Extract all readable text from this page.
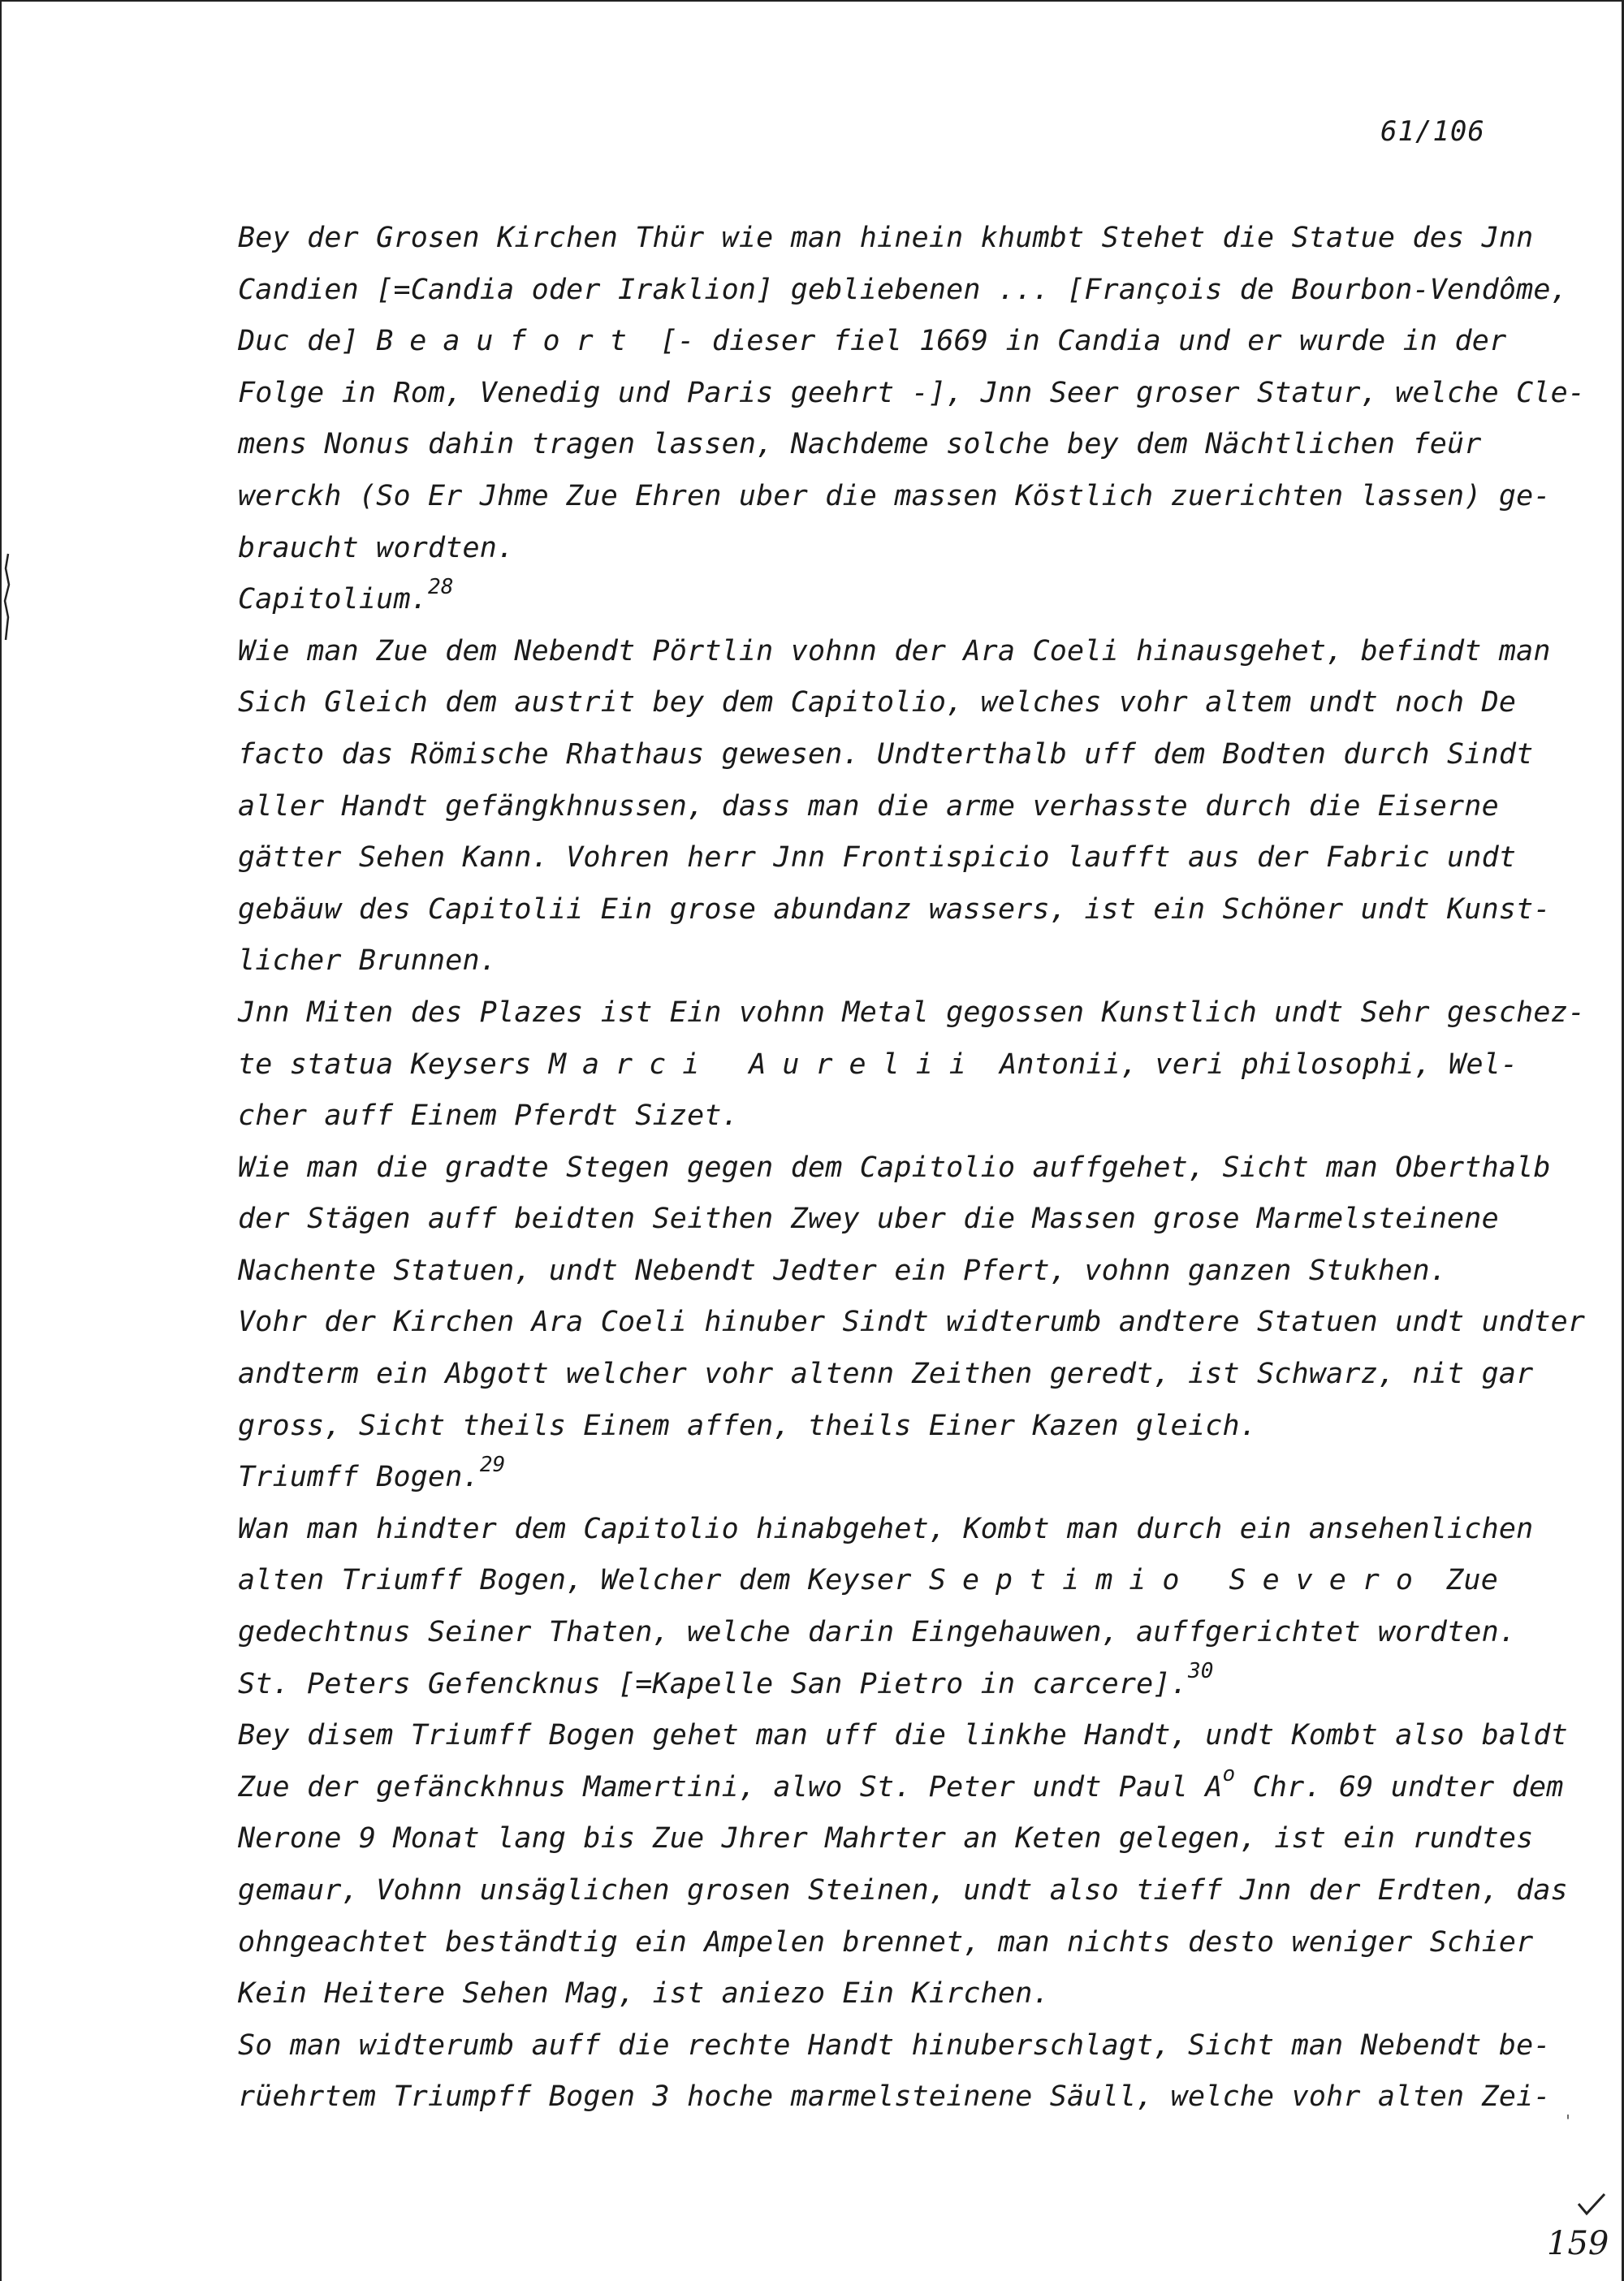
61/106
Bey der Grosen Kirchen Thür wie man hinein khumbt Stehet die Statue des Jnn
Candien [=Candia oder Iraklion] gebliebenen ... [François de Bourbon-Vendôme,
Duc de] Beaufort [- dieser fiel 1669 in Candia und er wurde in der
Folge in Rom, Venedig und Paris geehrt -], Jnn Seer groser Statur, welche Cle-
mens Nonus dahin tragen lassen, Nachdeme solche bey dem Nächtlichen feür
werckh (So Er Jhme Zue Ehren uber die massen Köstlich zuerichten lassen) ge-
braucht wordten.
Capitolium.$^{28}$
Wie man Zue dem Nebendt Pörtlin vohnn der Ara Coeli hinausgehet, befindt man
Sich Gleich dem austrit bey dem Capitolio, welches vohr altem undt noch De
facto das Römische Rhathaus gewesen. Undterthalb uff dem Bodten durch Sindt
aller Handt gefängkhnussen, dass man die arme verhasste durch die Eiserne
gätter Sehen Kann. Vohren herr Jnn Frontispicio laufft aus der Fabric undt
gebäuw des Capitolii Ein grose abundanz wassers, ist ein Schöner undt Kunst-
licher Brunnen.
Jnn Miten des Plazes ist Ein vohnn Metal gegossen Kunstlich undt Sehr geschez-
te statua Keysers Marci Aurelii Antonii, veri philosophi, Wel-
cher auff Einem Pferdt Sizet.
Wie man die gradte Stegen gegen dem Capitolio auffgehet, Sicht man Oberthalb
der Stägen auff beidten Seithen Zwey uber die Massen grose Marmelsteinene
Nachente Statuen, undt Nebendt Jedter ein Pfert, vohnn ganzen Stukhen.
Vohr der Kirchen Ara Coeli hinuber Sindt widterumb andtere Statuen undt undter
andterm ein Abgott welcher vohr altenn Zeithen geredt, ist Schwarz, nit gar
gross, Sicht theils Einem affen, theils Einer Kazen gleich.
Triumff Bogen.$^{29}$
Wan man hindter dem Capitolio hinabgehet, Kombt man durch ein ansehenlichen
alten Triumff Bogen, Welcher dem Keyser Septimio Severo Zue
gedechtnus Seiner Thaten, welche darin Eingehauwen, auffgerichtet wordten.
St. Peters Gefencknus [=Kapelle San Pietro in carcere].$^{30}$
Bey disem Triumff Bogen gehet man uff die linkhe Handt, undt Kombt also baldt
Zue der gefänckhnus Mamertini, alwo St. Peter undt Paul $A^o$ Chr. 69 undter dem
Nerone 9 Monat lang bis Zue Jhrer Mahrter an Keten gelegen, ist ein rundtes
gemaur, Vohnn unsäglichen grosen Steinen, undt also tieff Jnn der Erdten, das
ohngeachtet beständtig ein Ampelen brennet, man nichts desto weniger Schier
Kein Heitere Sehen Mag, ist aniezo Ein Kirchen.
So man widterumb auff die rechte Handt hinuberschlagt, Sicht man Nebendt be-
rüehrtem Triumpff Bogen 3 hoche marmelsteinene Säull, welche vohr alten Zei-
'
159
